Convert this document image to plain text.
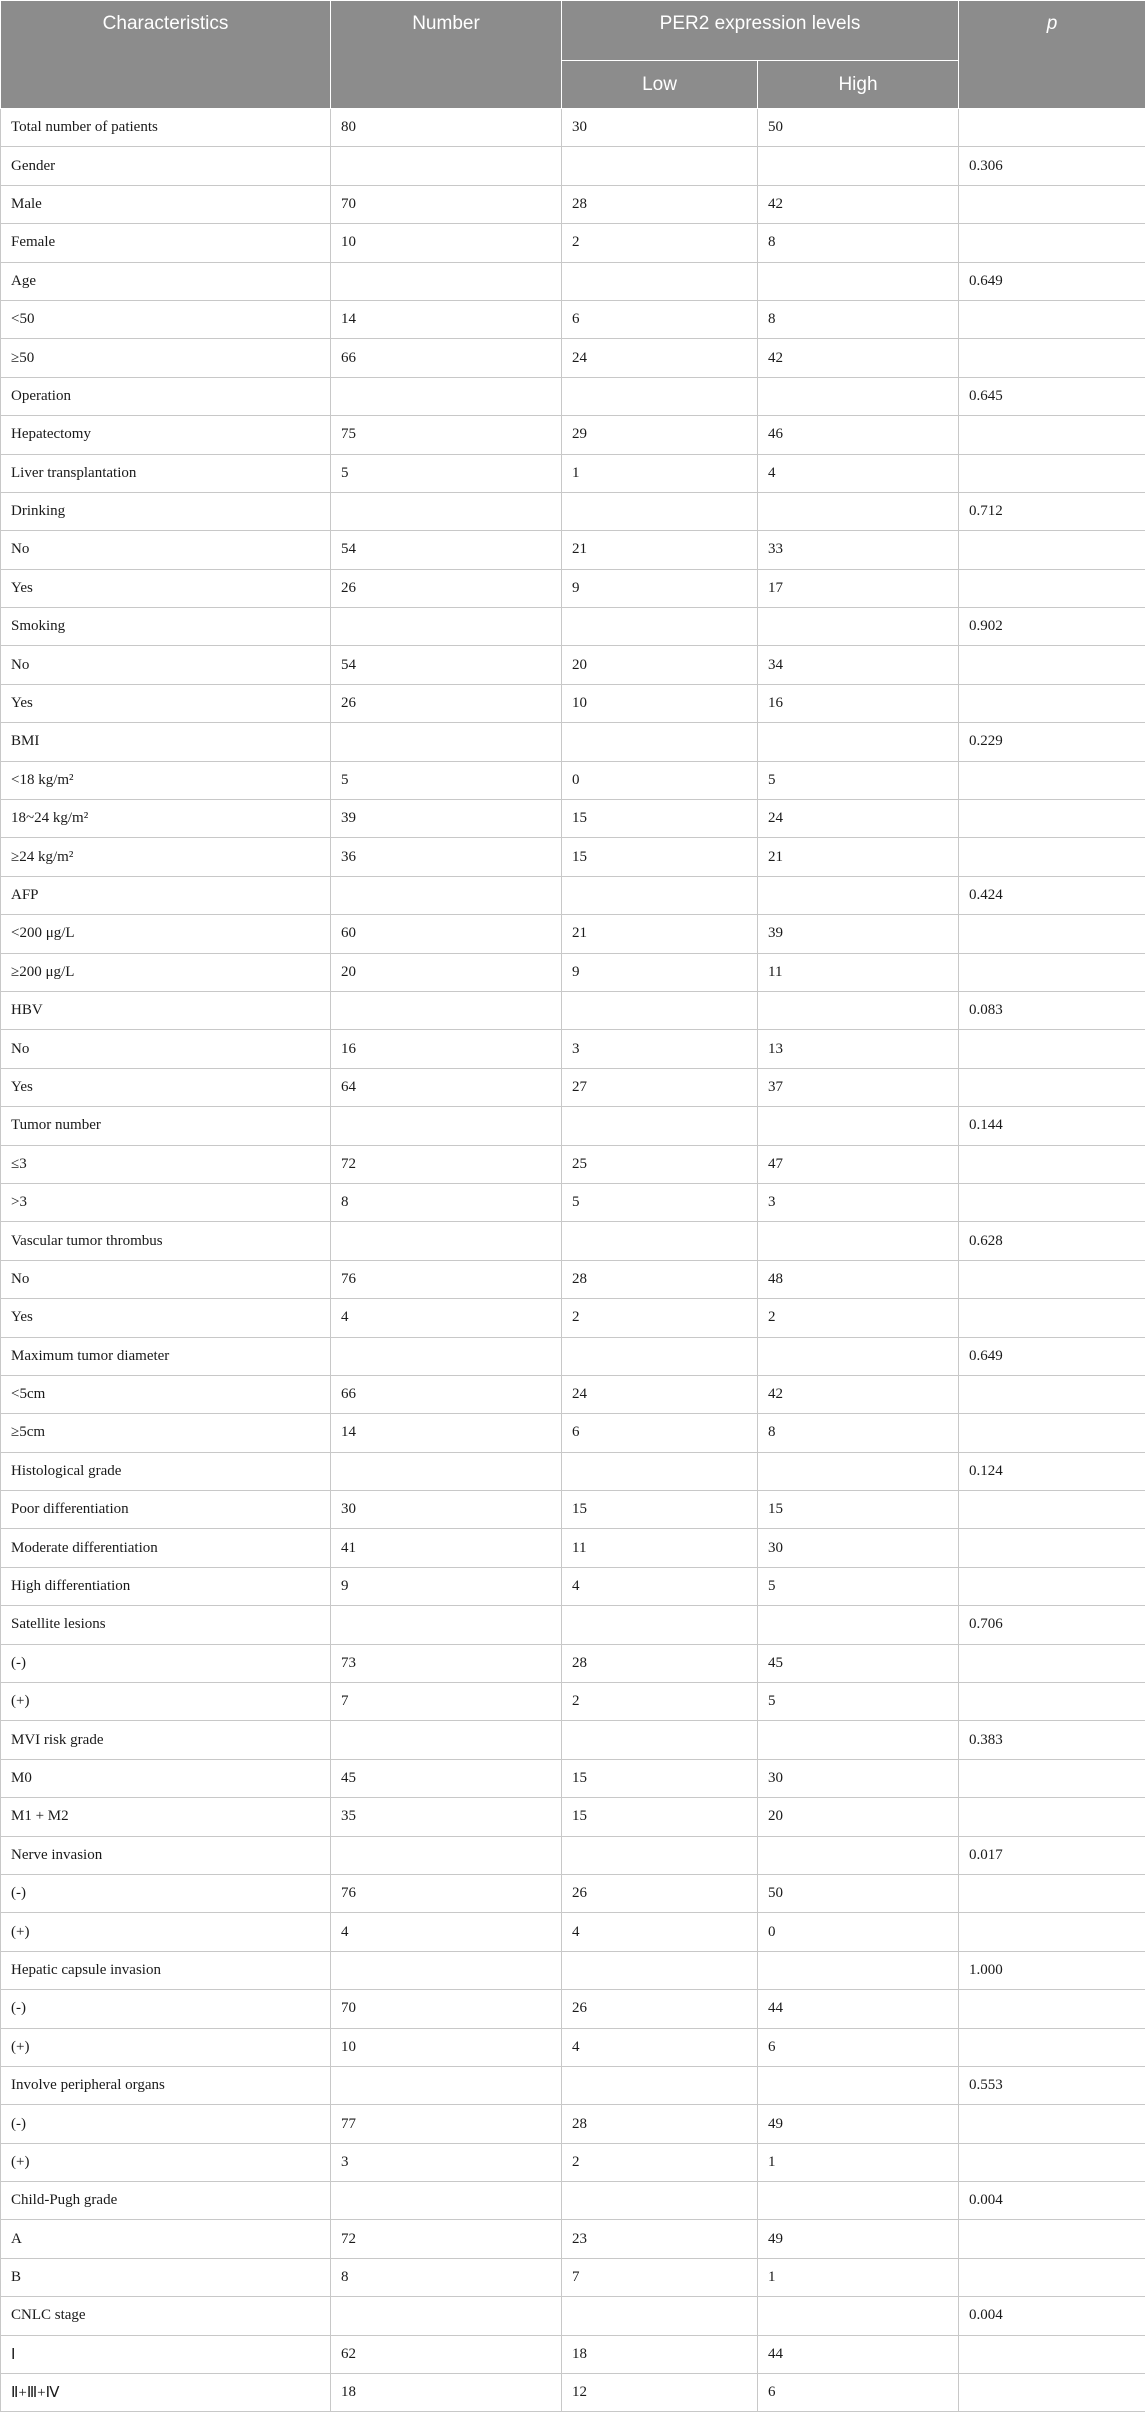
Characteristics	Number	PER2 expression levels		p
		Low	High	
Total number of patients	80	30	50	
Gender				0.306
Male	70	28	42	
Female	10	2	8	
Age				0.649
<50	14	6	8	
≥50	66	24	42	
Operation				0.645
Hepatectomy	75	29	46	
Liver transplantation	5	1	4	
Drinking				0.712
No	54	21	33	
Yes	26	9	17	
Smoking				0.902
No	54	20	34	
Yes	26	10	16	
BMI				0.229
<18 kg/m²	5	0	5	
18~24 kg/m²	39	15	24	
≥24 kg/m²	36	15	21	
AFP				0.424
<200 μg/L	60	21	39	
≥200 μg/L	20	9	11	
HBV				0.083
No	16	3	13	
Yes	64	27	37	
Tumor number				0.144
≤3	72	25	47	
>3	8	5	3	
Vascular tumor thrombus				0.628
No	76	28	48	
Yes	4	2	2	
Maximum tumor diameter				0.649
<5cm	66	24	42	
≥5cm	14	6	8	
Histological grade				0.124
Poor differentiation	30	15	15	
Moderate differentiation	41	11	30	
High differentiation	9	4	5	
Satellite lesions				0.706
(-)	73	28	45	
(+)	7	2	5	
MVI risk grade				0.383
M0	45	15	30	
M1 + M2	35	15	20	
Nerve invasion				0.017
(-)	76	26	50	
(+)	4	4	0	
Hepatic capsule invasion				1.000
(-)	70	26	44	
(+)	10	4	6	
Involve peripheral organs				0.553
(-)	77	28	49	
(+)	3	2	1	
Child-Pugh grade				0.004
A	72	23	49	
B	8	7	1	
CNLC stage				0.004
Ⅰ	62	18	44	
Ⅱ+Ⅲ+Ⅳ	18	12	6	
